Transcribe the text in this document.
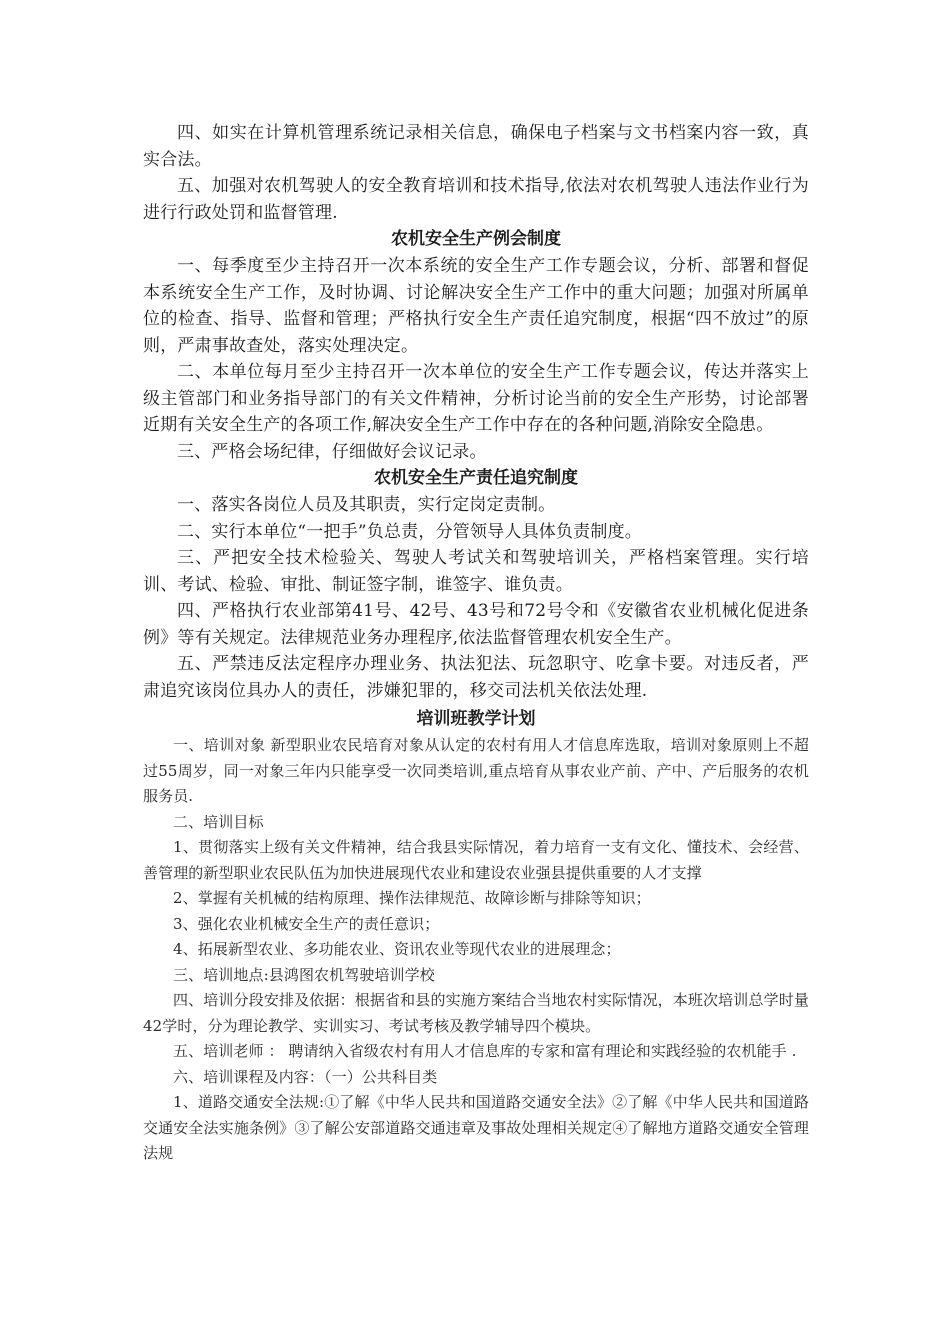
四、如实在计算机管理系统记录相关信息，确保电子档案与文书档案内容一致，真实合法。

五、加强对农机驾驶人的安全教育培训和技术指导,依法对农机驾驶人违法作业行为进行行政处罚和监督管理.

农机安全生产例会制度

一、每季度至少主持召开一次本系统的安全生产工作专题会议，分析、部署和督促本系统安全生产工作，及时协调、讨论解决安全生产工作中的重大问题；加强对所属单位的检查、指导、监督和管理；严格执行安全生产责任追究制度，根据“四不放过”的原则，严肃事故查处，落实处理决定。

二、本单位每月至少主持召开一次本单位的安全生产工作专题会议，传达并落实上级主管部门和业务指导部门的有关文件精神，分析讨论当前的安全生产形势，讨论部署近期有关安全生产的各项工作,解决安全生产工作中存在的各种问题,消除安全隐患。

三、严格会场纪律，仔细做好会议记录。

农机安全生产责任追究制度

一、落实各岗位人员及其职责，实行定岗定责制。

二、实行本单位“一把手”负总责，分管领导人具体负责制度。

三、严把安全技术检验关、驾驶人考试关和驾驶培训关，严格档案管理。实行培训、考试、检验、审批、制证签字制，谁签字、谁负责。

四、严格执行农业部第41号、42号、43号和72号令和《安徽省农业机械化促进条例》等有关规定。法律规范业务办理程序,依法监督管理农机安全生产。

五、严禁违反法定程序办理业务、执法犯法、玩忽职守、吃拿卡要。对违反者，严肃追究该岗位具办人的责任，涉嫌犯罪的，移交司法机关依法处理.

培训班教学计划

一、培训对象 新型职业农民培育对象从认定的农村有用人才信息库选取，培训对象原则上不超过55周岁，同一对象三年内只能享受一次同类培训,重点培育从事农业产前、产中、产后服务的农机服务员.

二、培训目标

1、贯彻落实上级有关文件精神，结合我县实际情况，着力培育一支有文化、懂技术、会经营、善管理的新型职业农民队伍为加快进展现代农业和建设农业强县提供重要的人才支撑

2、掌握有关机械的结构原理、操作法律规范、故障诊断与排除等知识；

3、强化农业机械安全生产的责任意识；

4、拓展新型农业、多功能农业、资讯农业等现代农业的进展理念；

三、培训地点:县鸿图农机驾驶培训学校

四、培训分段安排及依据：根据省和县的实施方案结合当地农村实际情况，本班次培训总学时量42学时，分为理论教学、实训实习、考试考核及教学辅导四个模块。

五、培训老师 ： 聘请纳入省级农村有用人才信息库的专家和富有理论和实践经验的农机能手 .

六、培训课程及内容：（一）公共科目类

1、道路交通安全法规:①了解《中华人民共和国道路交通安全法》②了解《中华人民共和国道路交通安全法实施条例》③了解公安部道路交通违章及事故处理相关规定④了解地方道路交通安全管理法规
